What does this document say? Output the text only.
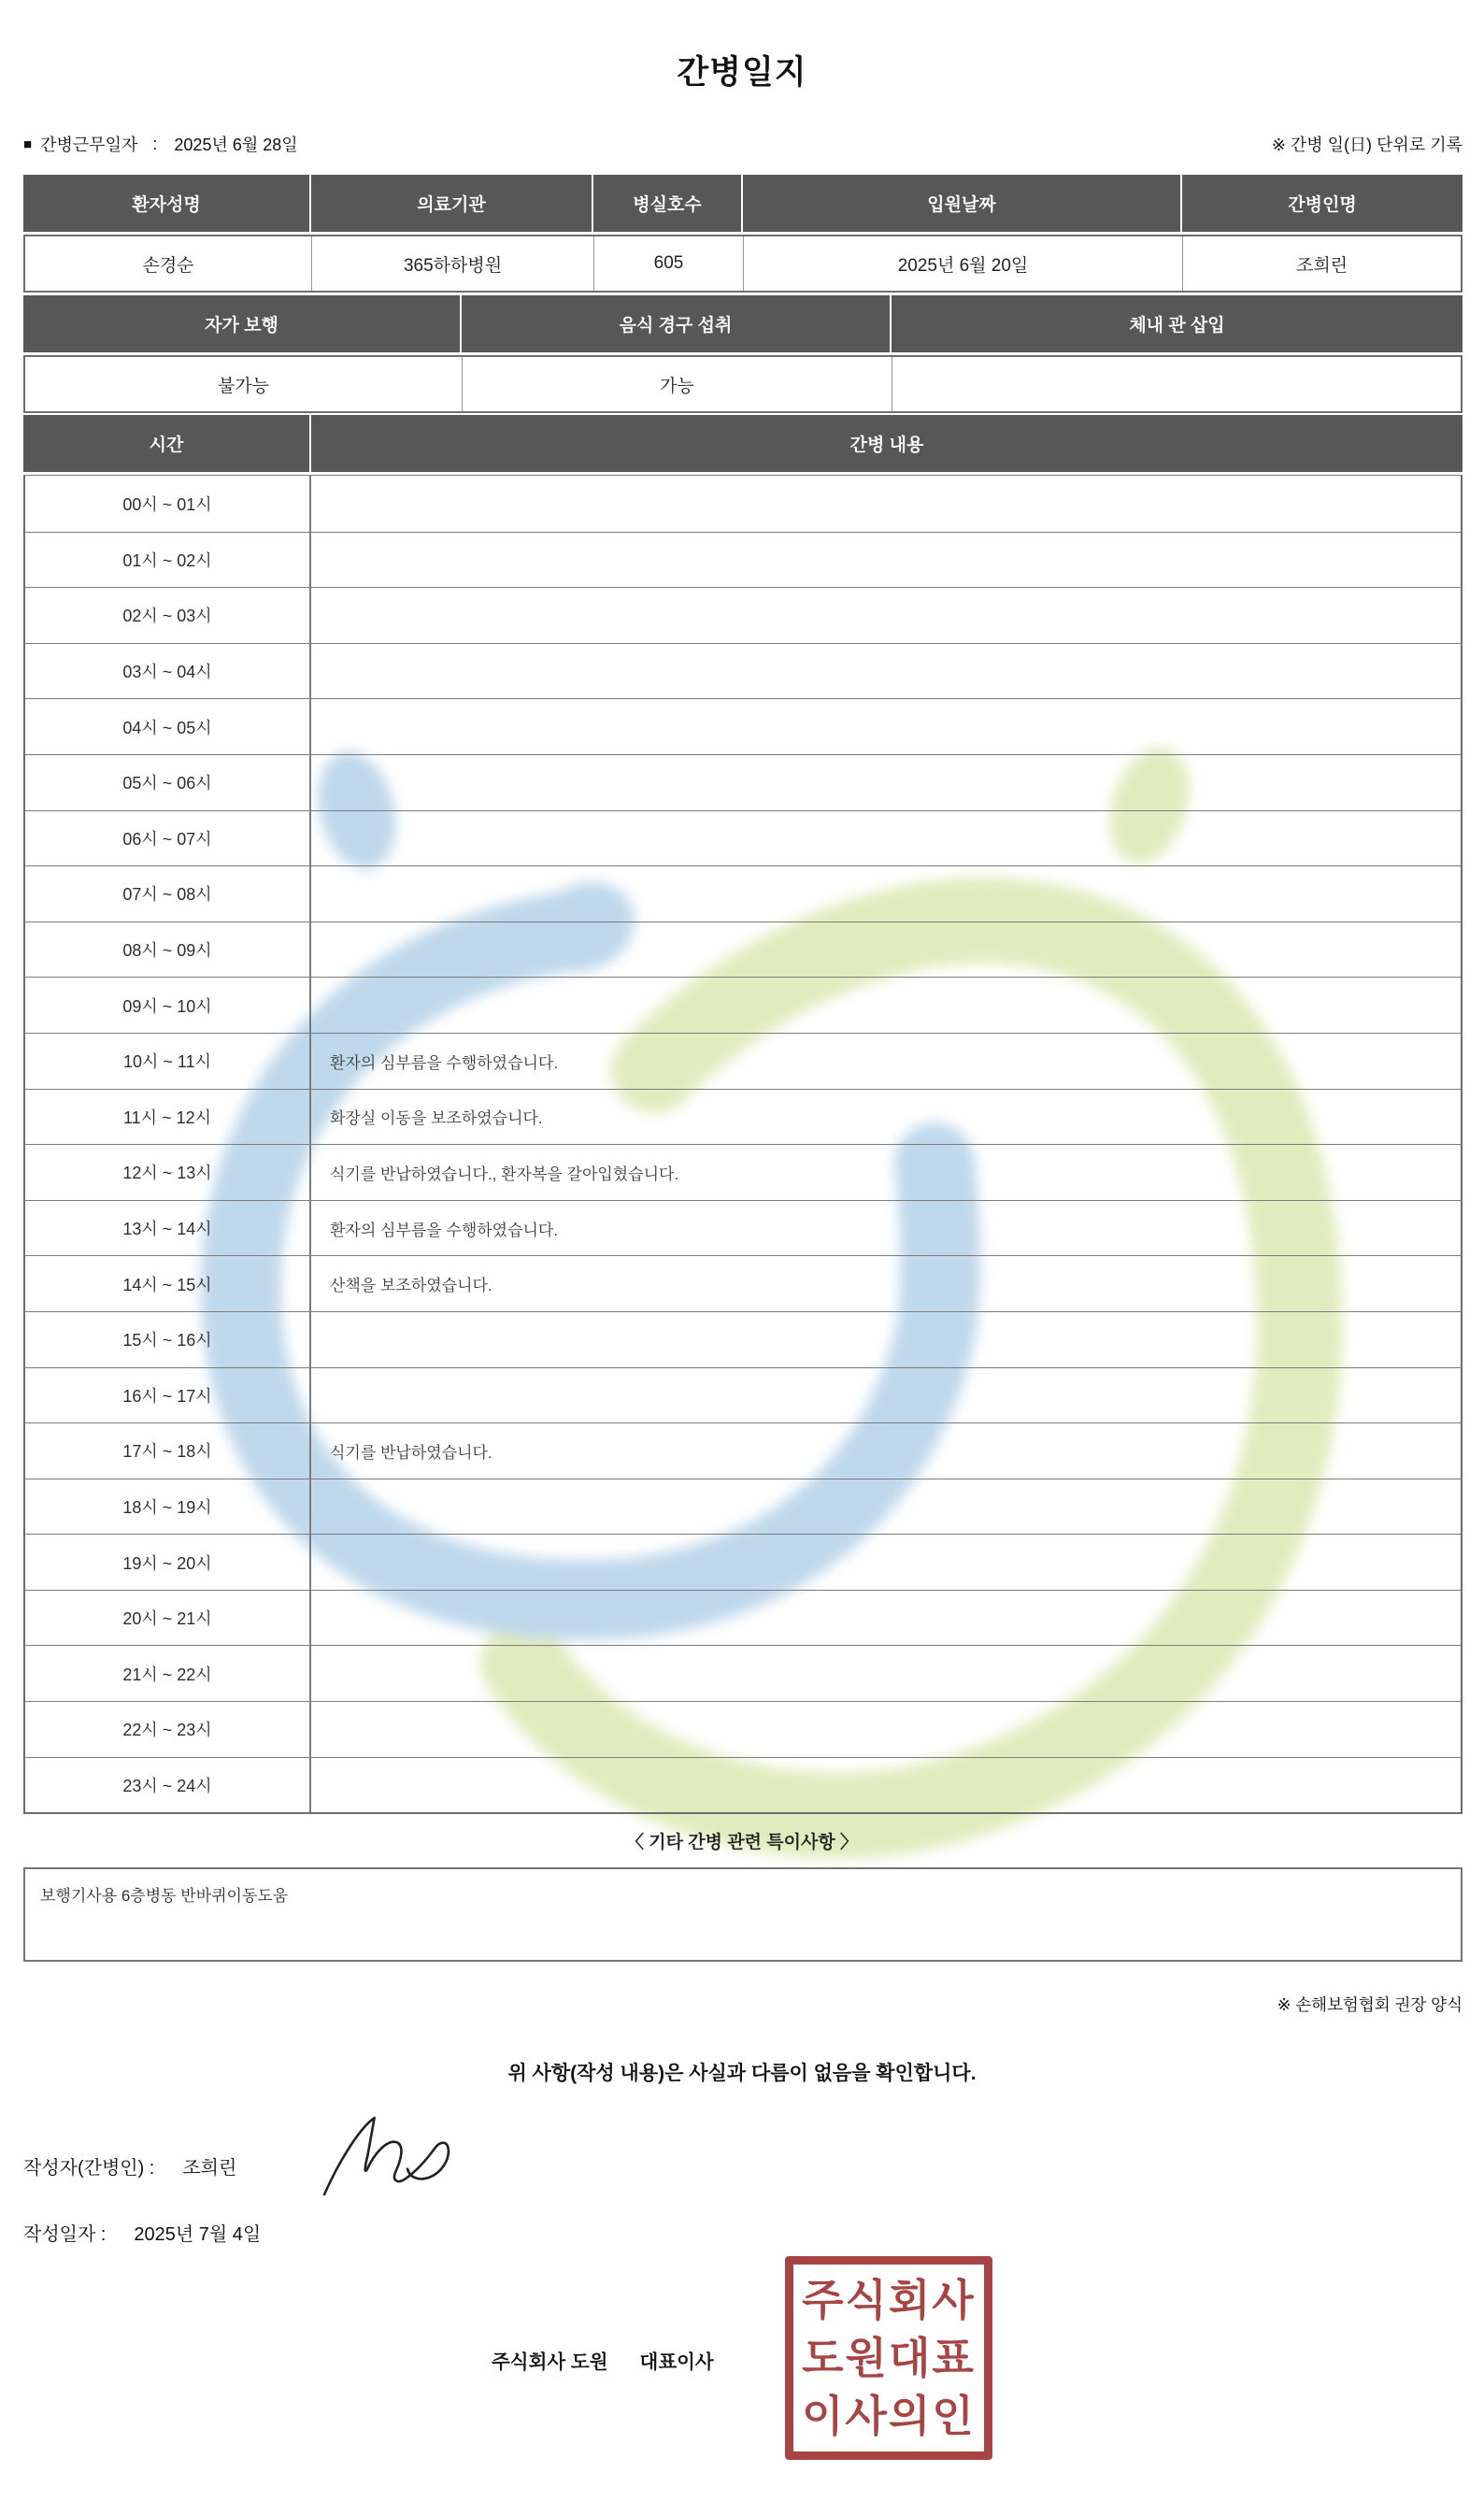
간병일지
■ 간병근무일자 : 2025년 6월 28일	※ 간병 일(日) 단위로 기록
환자성명	의료기관	병실호수	입원날짜	간병인명
손경순	365하하병원	605	2025년 6월 20일	조희린
자가 보행	음식 경구 섭취	체내 관 삽입
불가능	가능
시간	간병 내용
00시 ~ 01시
01시 ~ 02시
02시 ~ 03시
03시 ~ 04시
04시 ~ 05시
05시 ~ 06시
06시 ~ 07시
07시 ~ 08시
08시 ~ 09시
09시 ~ 10시
10시 ~ 11시	환자의 심부름을 수행하였습니다.
11시 ~ 12시	화장실 이동을 보조하였습니다.
12시 ~ 13시	식기를 반납하였습니다., 환자복을 갈아입혔습니다.
13시 ~ 14시	환자의 심부름을 수행하였습니다.
14시 ~ 15시	산책을 보조하였습니다.
15시 ~ 16시
16시 ~ 17시
17시 ~ 18시	식기를 반납하였습니다.
18시 ~ 19시
19시 ~ 20시
20시 ~ 21시
21시 ~ 22시
22시 ~ 23시
23시 ~ 24시
〈 기타 간병 관련 특이사항 〉
보행기사용 6층병동 반바퀴이동도움
※ 손해보험협회 권장 양식
위 사항(작성 내용)은 사실과 다름이 없음을 확인합니다.
작성자(간병인) : 조희린
작성일자 : 2025년 7월 4일
주식회사 도원 대표이사
주식회사
도원대표
이사의인
